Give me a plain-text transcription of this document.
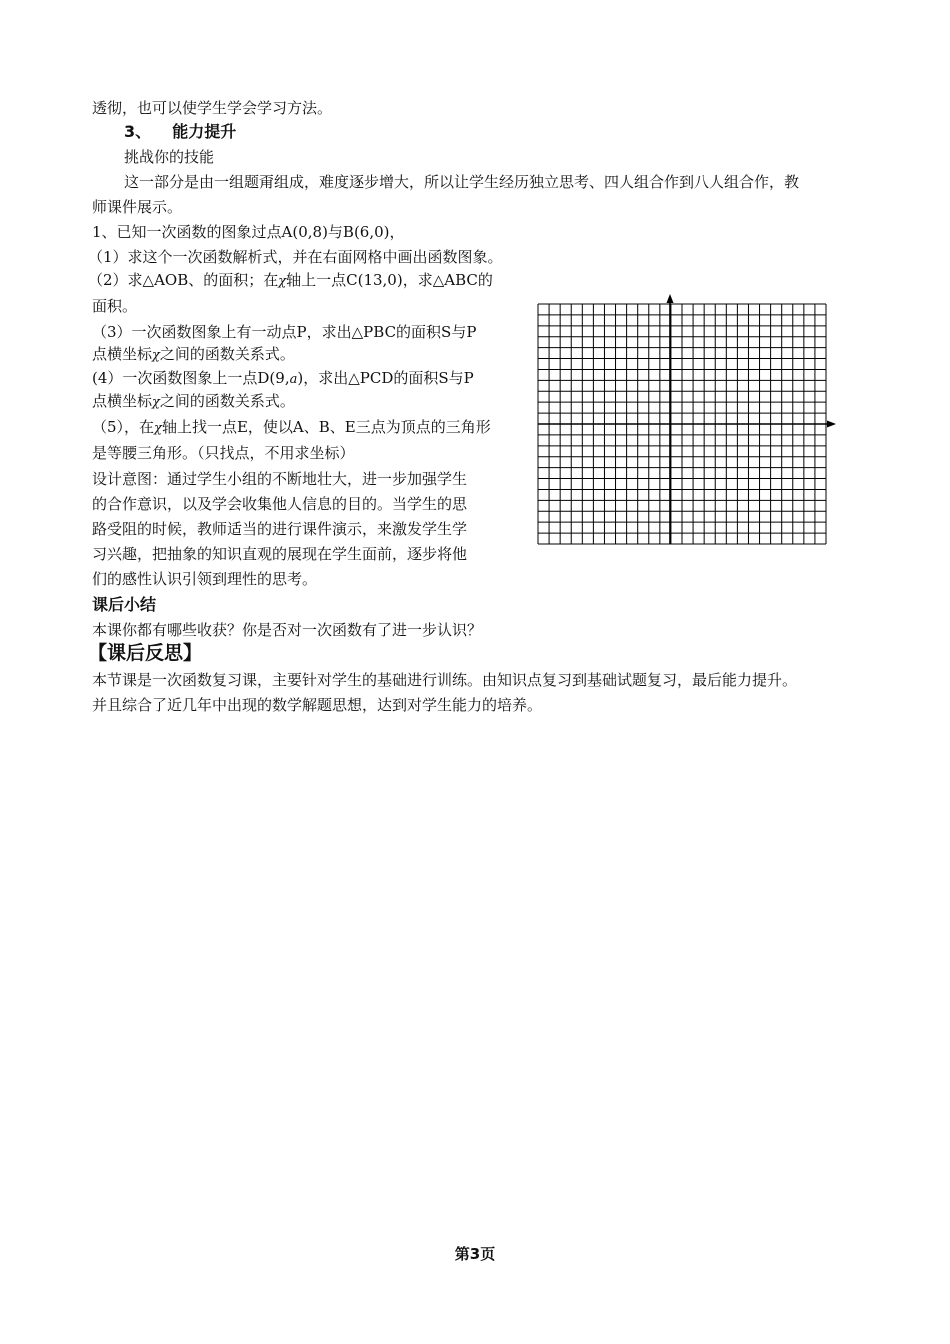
透彻，也可以使学生学会学习方法。
3、 能力提升
挑战你的技能
这一部分是由一组题甭组成，难度逐步增大，所以让学生经历独立思考、四人组合作到八人组合作，教
师课件展示。
1、已知一次函数的图象过点A(0,8)与B(6,0)，
（1）求这个一次函数解析式，并在右面网格中画出函数图象。
（2）求△AOB、的面积；在χ轴上一点C(13,0)，求△ABC的
面积。
（3）一次函数图象上有一动点P，求出△PBC的面积S与P
点横坐标χ之间的函数关系式。
(4）一次函数图象上一点D(9,a)，求出△PCD的面积S与P
点横坐标χ之间的函数关系式。
（5），在χ轴上找一点E，使以A、B、E三点为顶点的三角形
是等腰三角形。（只找点，不用求坐标）
设计意图：通过学生小组的不断地壮大，进一步加强学生
的合作意识，以及学会收集他人信息的目的。当学生的思
路受阻的时候，教师适当的进行课件演示，来激发学生学
习兴趣，把抽象的知识直观的展现在学生面前，逐步将他
们的感性认识引领到理性的思考。
课后小结
本课你都有哪些收获？你是否对一次函数有了进一步认识？
【课后反思】
本节课是一次函数复习课，主要针对学生的基础进行训练。由知识点复习到基础试题复习，最后能力提升。
并且综合了近几年中出现的数学解题思想，达到对学生能力的培养。
第3页
